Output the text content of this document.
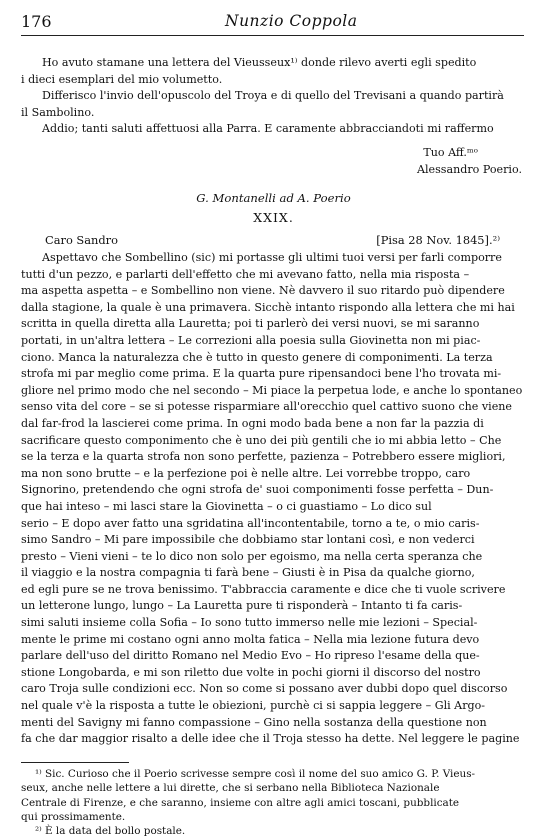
176	Nunzio Coppola
Ho avuto stamane una lettera del Vieusseux¹⁾ donde rilevo averti egli spedito
i dieci esemplari del mio volumetto.
Differisco l'invio dell'opuscolo del Troya e di quello del Trevisani a quando partirà
il Sambolino.
Addio; tanti saluti affettuosi alla Parra. E caramente abbracciandoti mi raffermo
Tuo Aff.ᵐᵒ
Alessandro Poerio.
G. Montanelli ad A. Poerio
XXIX.
Caro Sandro	[Pisa 28 Nov. 1845].²⁾
Aspettavo che Sombellino (sic) mi portasse gli ultimi tuoi versi per farli comporre
tutti d'un pezzo, e parlarti dell'effetto che mi avevano fatto, nella mia risposta –
ma aspetta aspetta – e Sombellino non viene. Nè davvero il suo ritardo può dipendere
dalla stagione, la quale è una primavera. Sicchè intanto rispondo alla lettera che mi hai
scritta in quella diretta alla Lauretta; poi ti parlerò dei versi nuovi, se mi saranno
portati, in un'altra lettera – Le correzioni alla poesia sulla Giovinetta non mi piac-
ciono. Manca la naturalezza che è tutto in questo genere di componimenti. La terza
strofa mi par meglio come prima. E la quarta pure ripensandoci bene l'ho trovata mi-
gliore nel primo modo che nel secondo – Mi piace la perpetua lode, e anche lo spontaneo
senso vita del core – se si potesse risparmiare all'orecchio quel cattivo suono che viene
dal far-frod la lascierei come prima. In ogni modo bada bene a non far la pazzia di
sacrificare questo componimento che è uno dei più gentili che io mi abbia letto – Che
se la terza e la quarta strofa non sono perfette, pazienza – Potrebbero essere migliori,
ma non sono brutte – e la perfezione poi è nelle altre. Lei vorrebbe troppo, caro
Signorino, pretendendo che ogni strofa de' suoi componimenti fosse perfetta – Dun-
que hai inteso – mi lasci stare la Giovinetta – o ci guastiamo – Lo dico sul
serio – E dopo aver fatto una sgridatina all'incontentabile, torno a te, o mio caris-
simo Sandro – Mi pare impossibile che dobbiamo star lontani così, e non vederci
presto – Vieni vieni – te lo dico non solo per egoismo, ma nella certa speranza che
il viaggio e la nostra compagnia ti farà bene – Giusti è in Pisa da qualche giorno,
ed egli pure se ne trova benissimo. T'abbraccia caramente e dice che ti vuole scrivere
un letterone lungo, lungo – La Lauretta pure ti risponderà – Intanto ti fa caris-
simi saluti insieme colla Sofia – Io sono tutto immerso nelle mie lezioni – Special-
mente le prime mi costano ogni anno molta fatica – Nella mia lezione futura devo
parlare dell'uso del diritto Romano nel Medio Evo – Ho ripreso l'esame della que-
stione Longobarda, e mi son riletto due volte in pochi giorni il discorso del nostro
caro Troja sulle condizioni ecc. Non so come si possano aver dubbi dopo quel discorso
nel quale v'è la risposta a tutte le obiezioni, purchè ci si sappia leggere – Gli Argo-
menti del Savigny mi fanno compassione – Gino nella sostanza della questione non
fa che dar maggior risalto a delle idee che il Troja stesso ha dette. Nel leggere le pagine
¹⁾ Sic. Curioso che il Poerio scrivesse sempre così il nome del suo amico G. P. Vieus-
seux, anche nelle lettere a lui dirette, che si serbano nella Biblioteca Nazionale
Centrale di Firenze, e che saranno, insieme con altre agli amici toscani, pubblicate
qui prossimamente.
²⁾ È la data del bollo postale.
